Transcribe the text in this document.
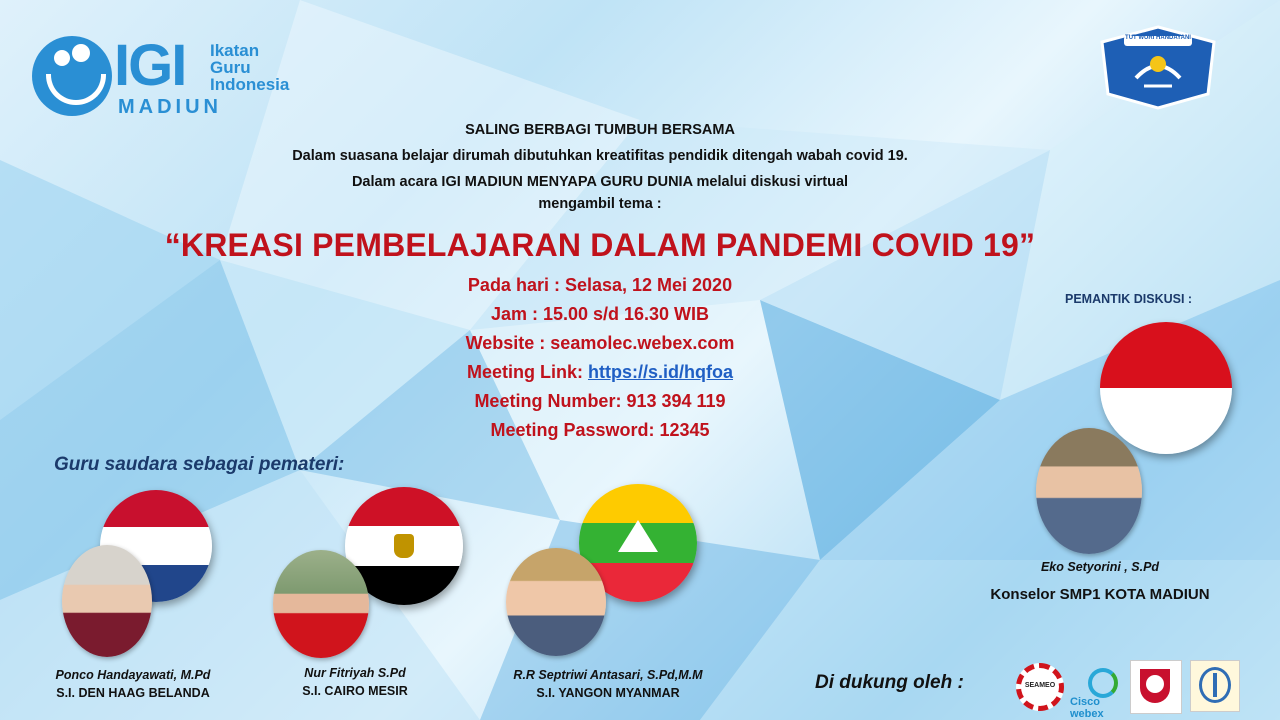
IGI Ikatan
Guru
Indonesia
MADIUN
TUT WURI HANDAYANI
SALING BERBAGI TUMBUH BERSAMA
Dalam suasana belajar dirumah dibutuhkan kreatifitas pendidik ditengah wabah covid 19.
Dalam acara IGI MADIUN MENYAPA GURU DUNIA melalui diskusi virtual
mengambil tema :
“KREASI PEMBELAJARAN DALAM PANDEMI COVID 19”
Pada hari : Selasa, 12 Mei 2020
Jam : 15.00 s/d 16.30 WIB
Website : seamolec.webex.com
Meeting Link: https://s.id/hqfoa
Meeting Number: 913 394 119
Meeting Password: 12345
Guru saudara sebagai pemateri:
Ponco Handayawati, M.Pd
S.I. DEN HAAG BELANDA
Nur Fitriyah S.Pd
S.I. CAIRO MESIR
R.R Septriwi Antasari, S.Pd,M.M
S.I. YANGON MYANMAR
PEMANTIK DISKUSI :
Eko Setyorini , S.Pd
Konselor SMP1 KOTA MADIUN
Di dukung oleh :	SEAMEO
Cisco webex
